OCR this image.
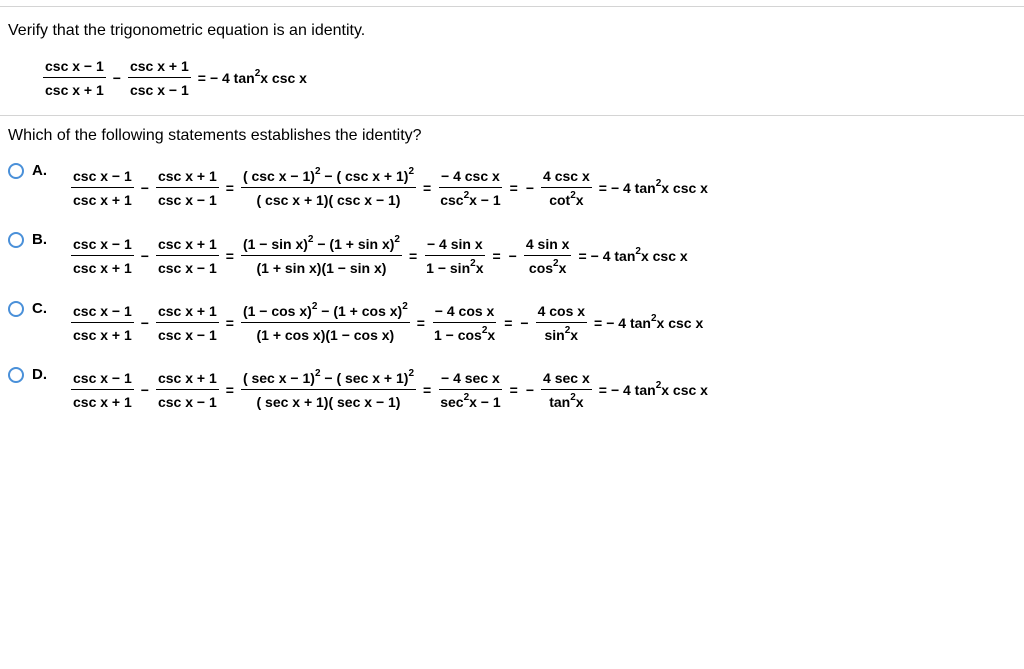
Verify that the trigonometric equation is an identity.
$\frac{\text{csc x − 1}}{\text{csc x + 1}} - \frac{\text{csc x + 1}}{\text{csc x − 1}}$ = − 4 $\tan^2x$ csc x
Which of the following statements establishes the identity?
A. $\frac{\text{csc x − 1}}{\text{csc x + 1}} - \frac{\text{csc x + 1}}{\text{csc x − 1}} = \frac{( \csc x - 1)^2 - ( \csc x + 1)^2}{\text{( csc x + 1)( csc x − 1)}} = \frac{\text{− 4 csc x}}{\csc^2x - 1}$ = − $\frac{\text{4 csc x}}{\cot^2x}$ = − 4 $\tan^2x$ csc x
B. $\frac{\text{csc x − 1}}{\text{csc x + 1}} - \frac{\text{csc x + 1}}{\text{csc x − 1}} = \frac{(1 - \sin x)^2 - (1 + \sin x)^2}{\text{(1 + sin x)(1 − sin x)}} = \frac{\text{− 4 sin x}}{1 - \sin^2x}$ = − $\frac{\text{4 sin x}}{\cos^2x}$ = − 4 $\tan^2x$ csc x
C. $\frac{\text{csc x − 1}}{\text{csc x + 1}} - \frac{\text{csc x + 1}}{\text{csc x − 1}} = \frac{(1 - \cos x)^2 - (1 + \cos x)^2}{\text{(1 + cos x)(1 − cos x)}} = \frac{\text{− 4 cos x}}{1 - \cos^2x}$ = − $\frac{\text{4 cos x}}{\sin^2x}$ = − 4 $\tan^2x$ csc x
D. $\frac{\text{csc x − 1}}{\text{csc x + 1}} - \frac{\text{csc x + 1}}{\text{csc x − 1}} = \frac{( \sec x - 1)^2 - ( \sec x + 1)^2}{\text{( sec x + 1)( sec x − 1)}} = \frac{\text{− 4 sec x}}{\sec^2x - 1}$ = − $\frac{\text{4 sec x}}{\tan^2x}$ = − 4 $\tan^2x$ csc x
